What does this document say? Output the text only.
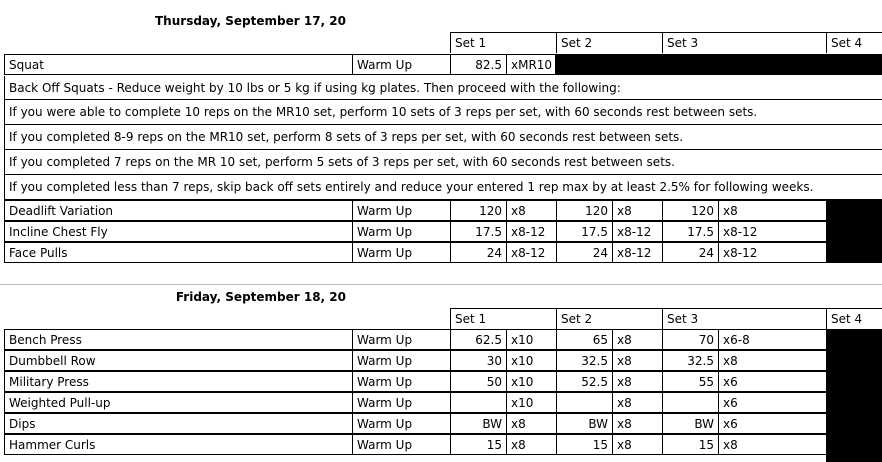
Thursday, September 17, 20
Set 1	Set 2	Set 3	Set 4
Squat	Warm Up	82.5 xMR10
Back Off Squats - Reduce weight by 10 lbs or 5 kg if using kg plates. Then proceed with the following:
If you were able to complete 10 reps on the MR10 set, perform 10 sets of 3 reps per set, with 60 seconds rest between sets.
If you completed 8-9 reps on the MR10 set, perform 8 sets of 3 reps per set, with 60 seconds rest between sets.
If you completed 7 reps on the MR 10 set, perform 5 sets of 3 reps per set, with 60 seconds rest between sets.
If you completed less than 7 reps, skip back off sets entirely and reduce your entered 1 rep max by at least 2.5% for following weeks.
Deadlift Variation	Warm Up	120 x8	120 x8	120 x8
Incline Chest Fly	Warm Up	17.5 x8-12	17.5 x8-12	17.5 x8-12
Face Pulls	Warm Up	24 x8-12	24 x8-12	24 x8-12
Friday, September 18, 20
Set 1	Set 2	Set 3	Set 4
Bench Press	Warm Up	62.5 x10	65 x8	70 x6-8
Dumbbell Row	Warm Up	30 x10	32.5 x8	32.5 x8
Military Press	Warm Up	50 x10	52.5 x8	55 x6
Weighted Pull-up	Warm Up	x10	x8	x6
Dips	Warm Up	BW x8	BW x8	BW x6
Hammer Curls	Warm Up	15 x8	15 x8	15 x8
